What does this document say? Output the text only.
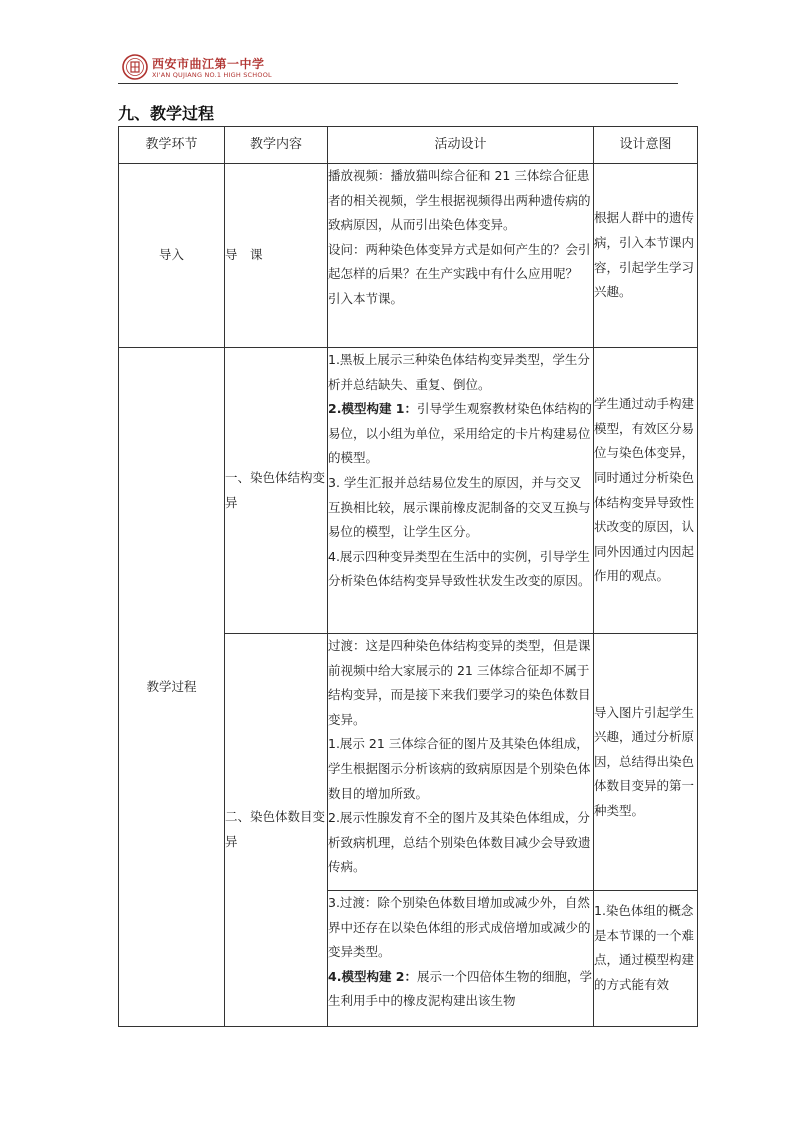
西安市曲江第一中学
XI'AN QUJIANG NO.1 HIGH SCHOOL
九、教学过程
教学环节	教学内容	活动设计	设计意图
导入	导　课	播放视频：播放猫叫综合征和 21 三体综合征患者的相关视频，学生根据视频得出两种遗传病的致病原因，从而引出染色体变异。
设问：两种染色体变异方式是如何产生的？会引起怎样的后果？在生产实践中有什么应用呢？ 引入本节课。	根据人群中的遗传病，引入本节课内容，引起学生学习兴趣。
教学过程	一、染色体结构变异	1.黑板上展示三种染色体结构变异类型，学生分析并总结缺失、重复、倒位。
2.模型构建 1：引导学生观察教材染色体结构的易位，以小组为单位，采用给定的卡片构建易位的模型。
3. 学生汇报并总结易位发生的原因，并与交叉互换相比较，展示课前橡皮泥制备的交叉互换与易位的模型，让学生区分。
4.展示四种变异类型在生活中的实例，引导学生分析染色体结构变异导致性状发生改变的原因。	学生通过动手构建模型，有效区分易位与染色体变异，同时通过分析染色体结构变异导致性状改变的原因，认同外因通过内因起作用的观点。
	二、染色体数目变异	过渡：这是四种染色体结构变异的类型，但是课前视频中给大家展示的 21 三体综合征却不属于结构变异，而是接下来我们要学习的染色体数目变异。
1.展示 21 三体综合征的图片及其染色体组成，学生根据图示分析该病的致病原因是个别染色体数目的增加所致。
2.展示性腺发育不全的图片及其染色体组成，分析致病机理，总结个别染色体数目减少会导致遗传病。	导入图片引起学生兴趣，通过分析原因，总结得出染色体数目变异的第一种类型。

		3.过渡：除个别染色体数目增加或减少外，自然界中还存在以染色体组的形式成倍增加或减少的变异类型。
4.模型构建 2：展示一个四倍体生物的细胞，学生利用手中的橡皮泥构建出该生物	1.染色体组的概念是本节课的一个难点，通过模型构建的方式能有效
